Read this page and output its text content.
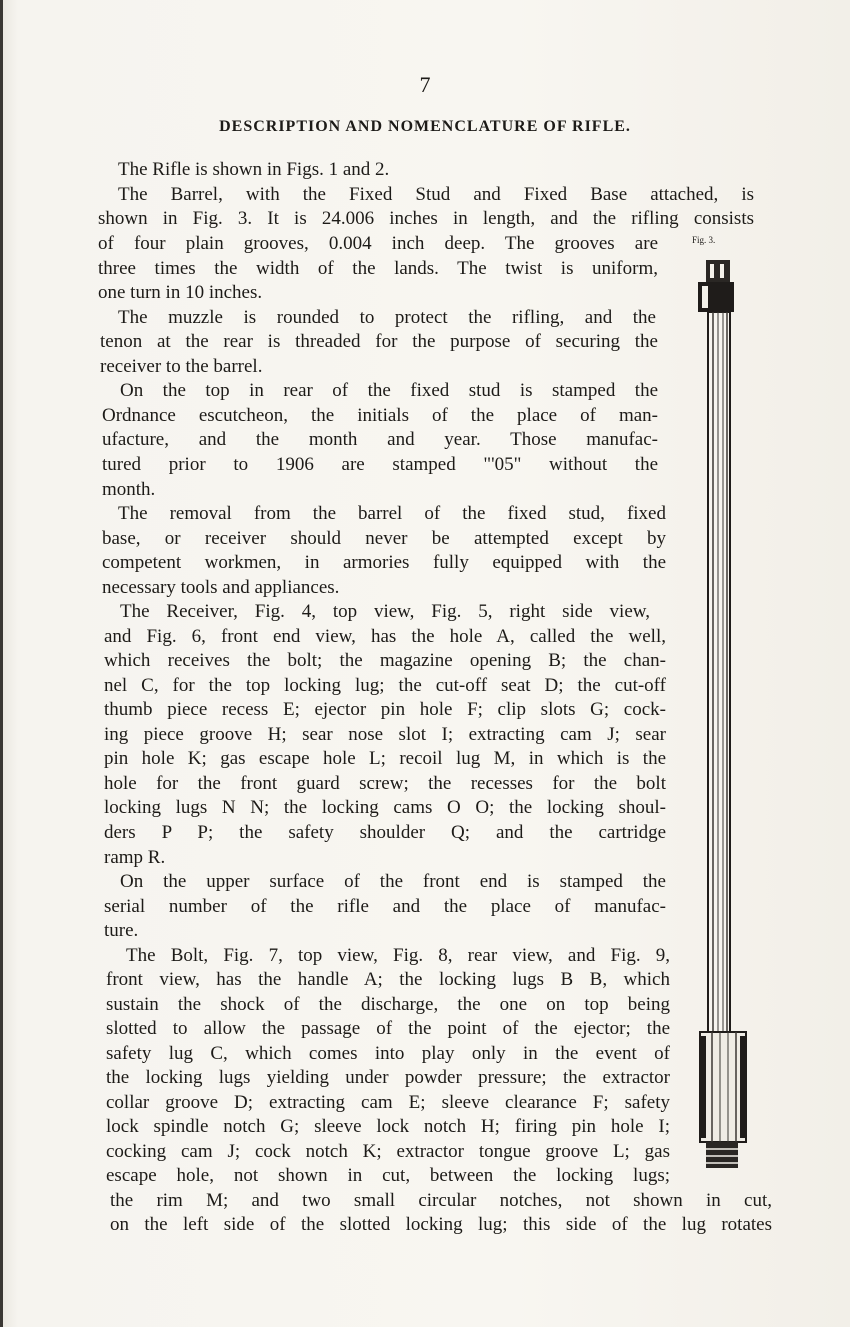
7
DESCRIPTION AND NOMENCLATURE OF RIFLE.
The Rifle is shown in Figs. 1 and 2.
The Barrel, with the Fixed Stud and Fixed Base attached, is
shown in Fig. 3. It is 24.006 inches in length, and the rifling consists
of four plain grooves, 0.004 inch deep. The grooves are
three times the width of the lands. The twist is uniform,
one turn in 10 inches.
The muzzle is rounded to protect the rifling, and the
tenon at the rear is threaded for the purpose of securing the
receiver to the barrel.
On the top in rear of the fixed stud is stamped the
Ordnance escutcheon, the initials of the place of man-
ufacture, and the month and year. Those manufac-
tured prior to 1906 are stamped "'05" without the
month.
The removal from the barrel of the fixed stud, fixed
base, or receiver should never be attempted except by
competent workmen, in armories fully equipped with the
necessary tools and appliances.
The Receiver, Fig. 4, top view, Fig. 5, right side view,
and Fig. 6, front end view, has the hole A, called the well,
which receives the bolt; the magazine opening B; the chan-
nel C, for the top locking lug; the cut-off seat D; the cut-off
thumb piece recess E; ejector pin hole F; clip slots G; cock-
ing piece groove H; sear nose slot I; extracting cam J; sear
pin hole K; gas escape hole L; recoil lug M, in which is the
hole for the front guard screw; the recesses for the bolt
locking lugs N N; the locking cams O O; the locking shoul-
ders P P; the safety shoulder Q; and the cartridge
ramp R.
On the upper surface of the front end is stamped the
serial number of the rifle and the place of manufac-
ture.
The Bolt, Fig. 7, top view, Fig. 8, rear view, and Fig. 9,
front view, has the handle A; the locking lugs B B, which
sustain the shock of the discharge, the one on top being
slotted to allow the passage of the point of the ejector; the
safety lug C, which comes into play only in the event of
the locking lugs yielding under powder pressure; the extractor
collar groove D; extracting cam E; sleeve clearance F; safety
lock spindle notch G; sleeve lock notch H; firing pin hole I;
cocking cam J; cock notch K; extractor tongue groove L; gas
escape hole, not shown in cut, between the locking lugs;
the rim M; and two small circular notches, not shown in cut,
on the left side of the slotted locking lug; this side of the lug rotates
Fig. 3.
